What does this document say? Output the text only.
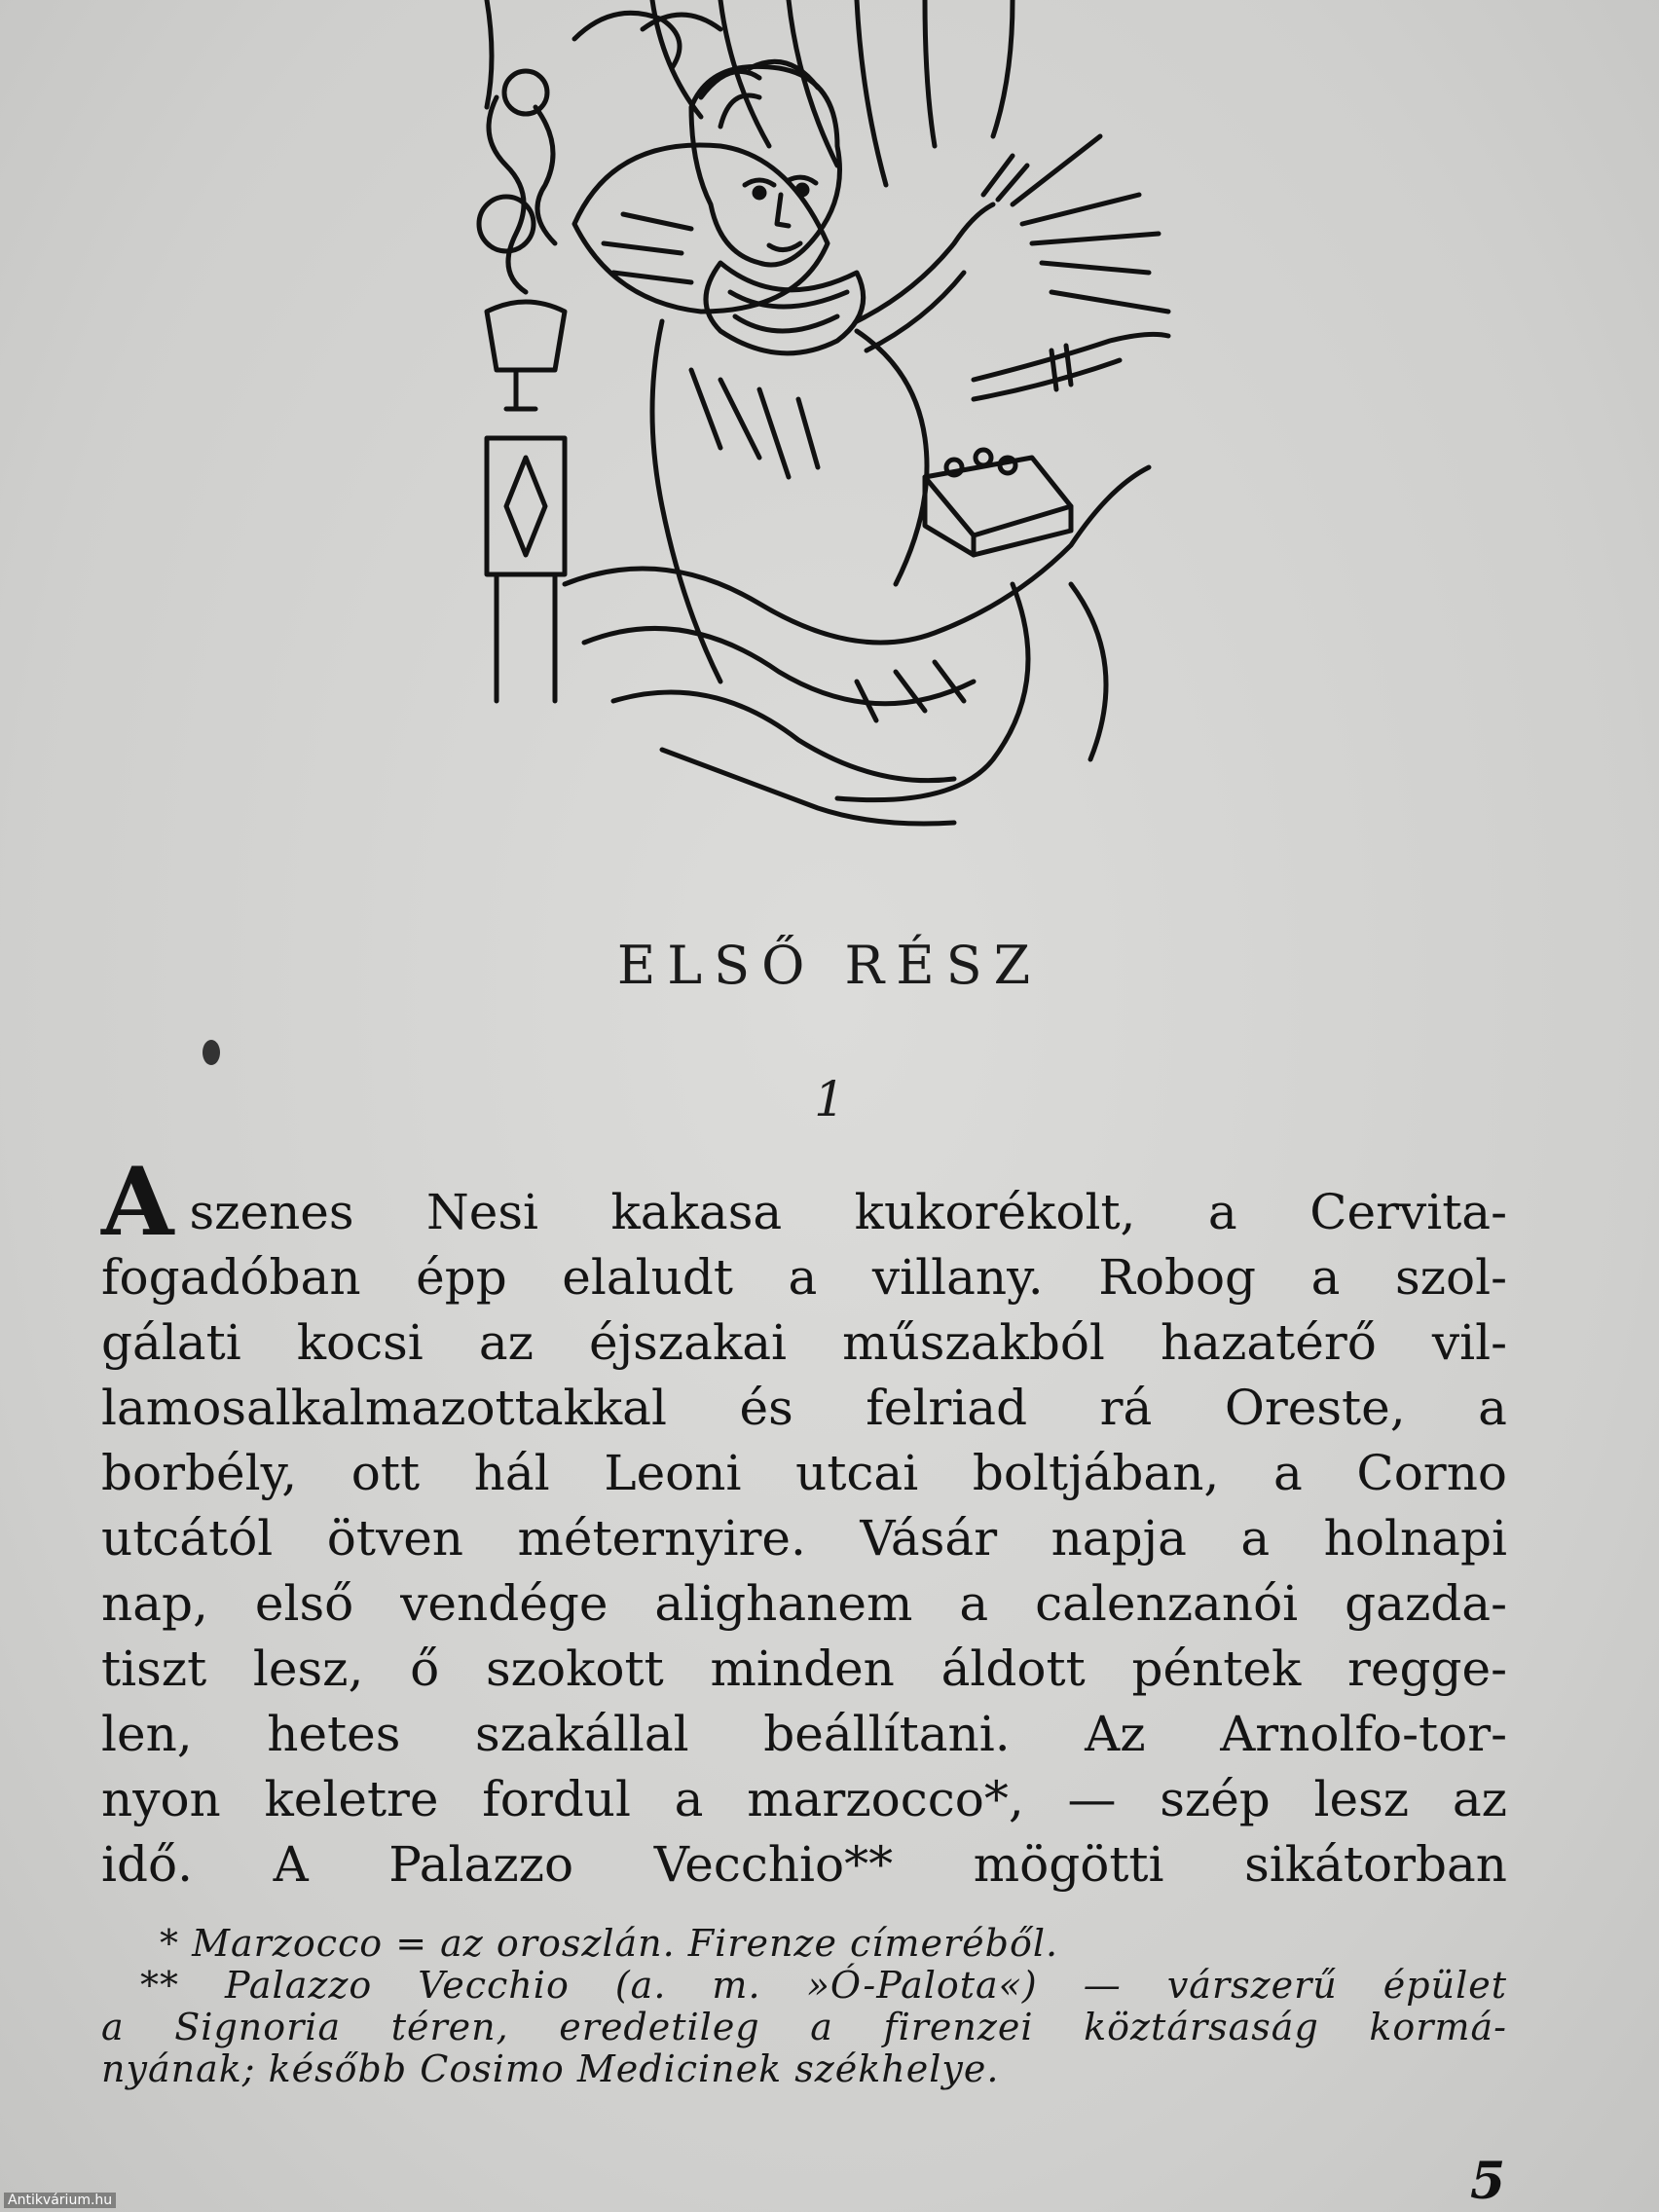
ELSŐ RÉSZ
1
Aszenes Nesi kakasa kukorékolt, a Cervita-
fogadóban épp elaludt a villany. Robog a szol-
gálati kocsi az éjszakai műszakból hazatérő vil-
lamosalkalmazottakkal és felriad rá Oreste, a
borbély, ott hál Leoni utcai boltjában, a Corno
utcától ötven méternyire. Vásár napja a holnapi
nap, első vendége alighanem a calenzanói gazda-
tiszt lesz, ő szokott minden áldott péntek regge-
len, hetes szakállal beállítani. Az Arnolfo-tor-
nyon keletre fordul a marzocco*, — szép lesz az
idő. A Palazzo Vecchio** mögötti sikátorban
* Marzocco = az oroszlán. Firenze címeréből.
** Palazzo Vecchio (a. m. »Ó-Palota«) — várszerű épület
a Signoria téren, eredetileg a firenzei köztársaság kormá-
nyának; később Cosimo Medicinek székhelye.
5
Antikvárium.hu
